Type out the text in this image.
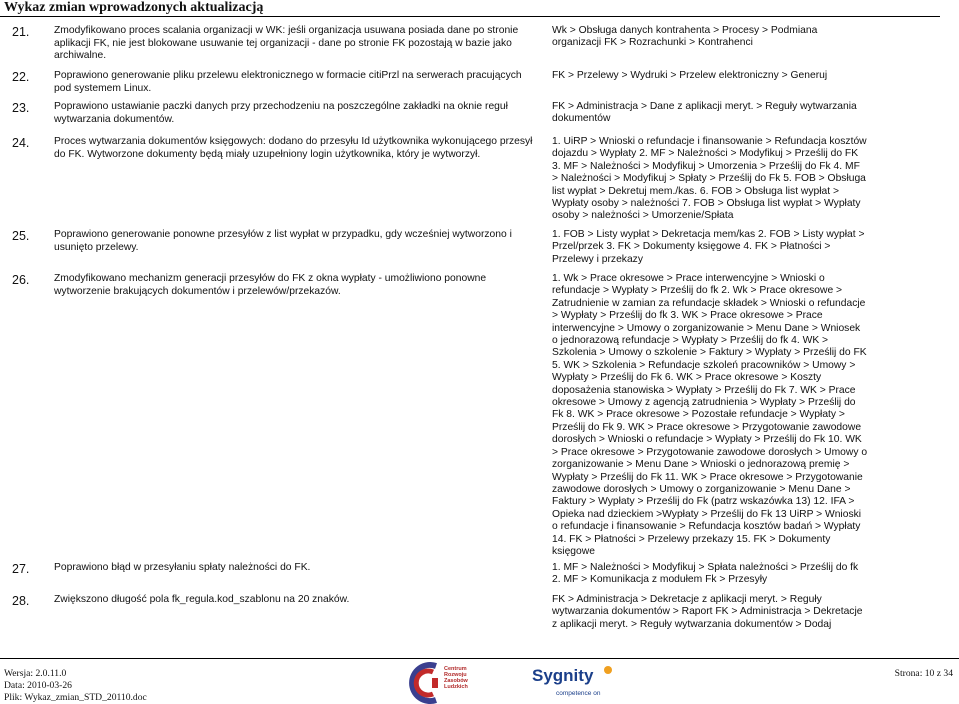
Wykaz zmian wprowadzonych aktualizacją
21. Zmodyfikowano proces scalania organizacji w WK: jeśli organizacja usuwana posiada dane po stronie
aplikacji FK, nie jest blokowane usuwanie tej organizacji - dane po stronie FK pozostają w bazie jako
archiwalne.
Wk > Obsługa danych kontrahenta > Procesy > Podmiana
organizacji FK > Rozrachunki > Kontrahenci
22. Poprawiono generowanie pliku przelewu elektronicznego w formacie citiPrzl na serwerach pracujących
pod systemem Linux.
FK > Przelewy > Wydruki > Przelew elektroniczny > Generuj
23. Poprawiono ustawianie paczki danych przy przechodzeniu na poszczególne zakładki na oknie reguł
wytwarzania dokumentów.
FK > Administracja > Dane z aplikacji meryt. > Reguły wytwarzania
dokumentów
24. Proces wytwarzania dokumentów księgowych: dodano do przesyłu Id użytkownika wykonującego przesył
do FK. Wytworzone dokumenty będą miały uzupełniony login użytkownika, który je wytworzył.
1. UiRP > Wnioski o refundacje i finansowanie > Refundacja kosztów
dojazdu > Wypłaty 2. MF > Należności > Modyfikuj > Prześlij do FK
3. MF > Należności > Modyfikuj > Umorzenia > Prześlij do Fk 4. MF
> Należności > Modyfikuj > Spłaty > Prześlij do Fk 5. FOB > Obsługa
list wypłat > Dekretuj mem./kas. 6. FOB > Obsługa list wypłat >
Wypłaty osoby > należności 7. FOB > Obsługa list wypłat > Wypłaty
osoby > należności > Umorzenie/Spłata
25. Poprawiono generowanie ponowne przesyłów z list wypłat w przypadku, gdy wcześniej wytworzono i
usunięto przelewy.
1. FOB > Listy wypłat > Dekretacja mem/kas 2. FOB > Listy wypłat >
Przel/przek 3. FK > Dokumenty księgowe 4. FK > Płatności >
Przelewy i przekazy
26. Zmodyfikowano mechanizm generacji przesyłów do FK z okna wypłaty - umożliwiono ponowne
wytworzenie brakujących dokumentów i przelewów/przekazów.
1. Wk > Prace okresowe > Prace interwencyjne > Wnioski o
refundacje > Wypłaty > Prześlij do fk 2. Wk > Prace okresowe >
Zatrudnienie w zamian za refundacje składek > Wnioski o refundacje
> Wypłaty > Prześlij do fk 3. WK > Prace okresowe > Prace
interwencyjne > Umowy o zorganizowanie > Menu Dane > Wniosek
o jednorazową refundacje > Wypłaty > Prześlij do fk 4. WK >
Szkolenia > Umowy o szkolenie > Faktury > Wypłaty > Prześlij do FK
5. WK > Szkolenia > Refundacje szkoleń pracowników > Umowy >
Wypłaty > Prześlij do Fk 6. WK > Prace okresowe > Koszty
doposażenia stanowiska > Wypłaty > Prześlij do Fk 7. WK > Prace
okresowe > Umowy z agencją zatrudnienia > Wypłaty > Prześlij do
Fk 8. WK > Prace okresowe > Pozostałe refundacje > Wypłaty >
Prześlij do Fk 9. WK > Prace okresowe > Przygotowanie zawodowe
dorosłych > Wnioski o refundacje > Wypłaty > Prześlij do Fk 10. WK
> Prace okresowe > Przygotowanie zawodowe dorosłych > Umowy o
zorganizowanie > Menu Dane > Wnioski o jednorazową premię >
Wypłaty > Prześlij do Fk 11. WK > Prace okresowe > Przygotowanie
zawodowe dorosłych > Umowy o zorganizowanie > Menu Dane >
Faktury > Wypłaty > Prześlij do Fk (patrz wskazówka 13) 12. IFA >
Opieka nad dzieckiem >Wypłaty > Prześlij do Fk 13 UiRP > Wnioski
o refundacje i finansowanie > Refundacja kosztów badań > Wypłaty
14. FK > Płatności > Przelewy przekazy 15. FK > Dokumenty
księgowe
27. Poprawiono błąd w przesyłaniu spłaty należności do FK.	1. MF > Należności > Modyfikuj > Spłata należności > Prześlij do fk
2. MF > Komunikacja z modułem Fk > Przesyły
28. Zwiększono długość pola fk_regula.kod_szablonu na 20 znaków.	FK > Administracja > Dekretacje z aplikacji meryt. > Reguły
wytwarzania dokumentów > Raport FK > Administracja > Dekretacje
z aplikacji meryt. > Reguły wytwarzania dokumentów > Dodaj
Wersja: 2.0.11.0
Data: 2010-03-26
Plik: Wykaz_zmian_STD_20110.doc
Centrum
Rozwoju
Zasobów
Ludzkich
Sygnity
competence on
Strona: 10 z 34
